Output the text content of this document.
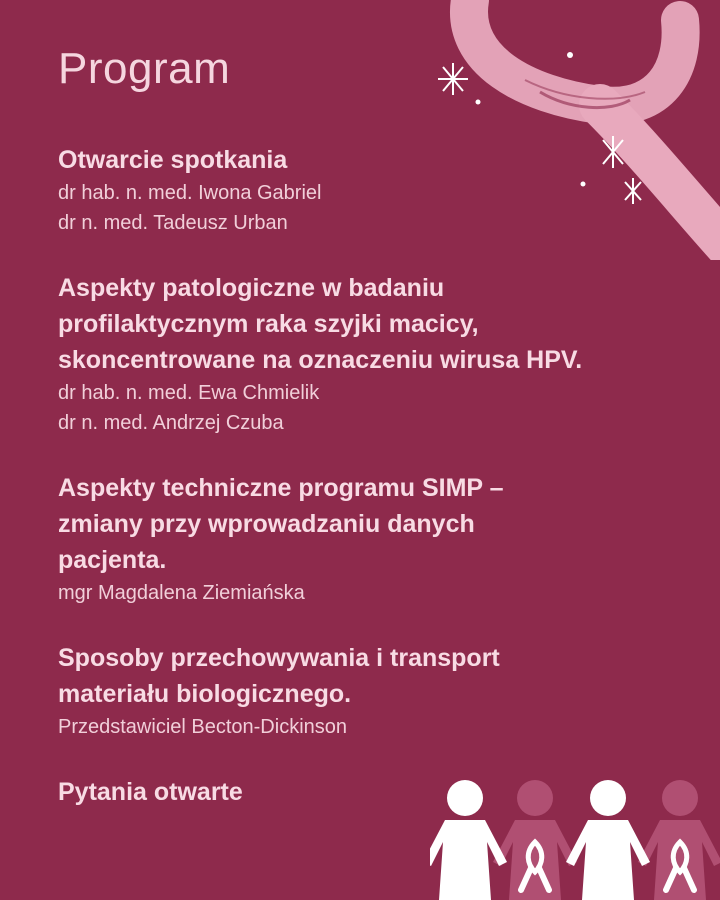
Program
Otwarcie spotkania
dr hab. n. med. Iwona Gabriel
dr n. med. Tadeusz Urban
Aspekty patologiczne w badaniu
profilaktycznym raka szyjki macicy,
skoncentrowane na oznaczeniu wirusa HPV.
dr hab. n. med. Ewa Chmielik
dr n. med. Andrzej Czuba
Aspekty techniczne programu SIMP –
zmiany przy wprowadzaniu danych
pacjenta.
mgr Magdalena Ziemiańska
Sposoby przechowywania i transport
materiału biologicznego.
Przedstawiciel Becton-Dickinson
Pytania otwarte
